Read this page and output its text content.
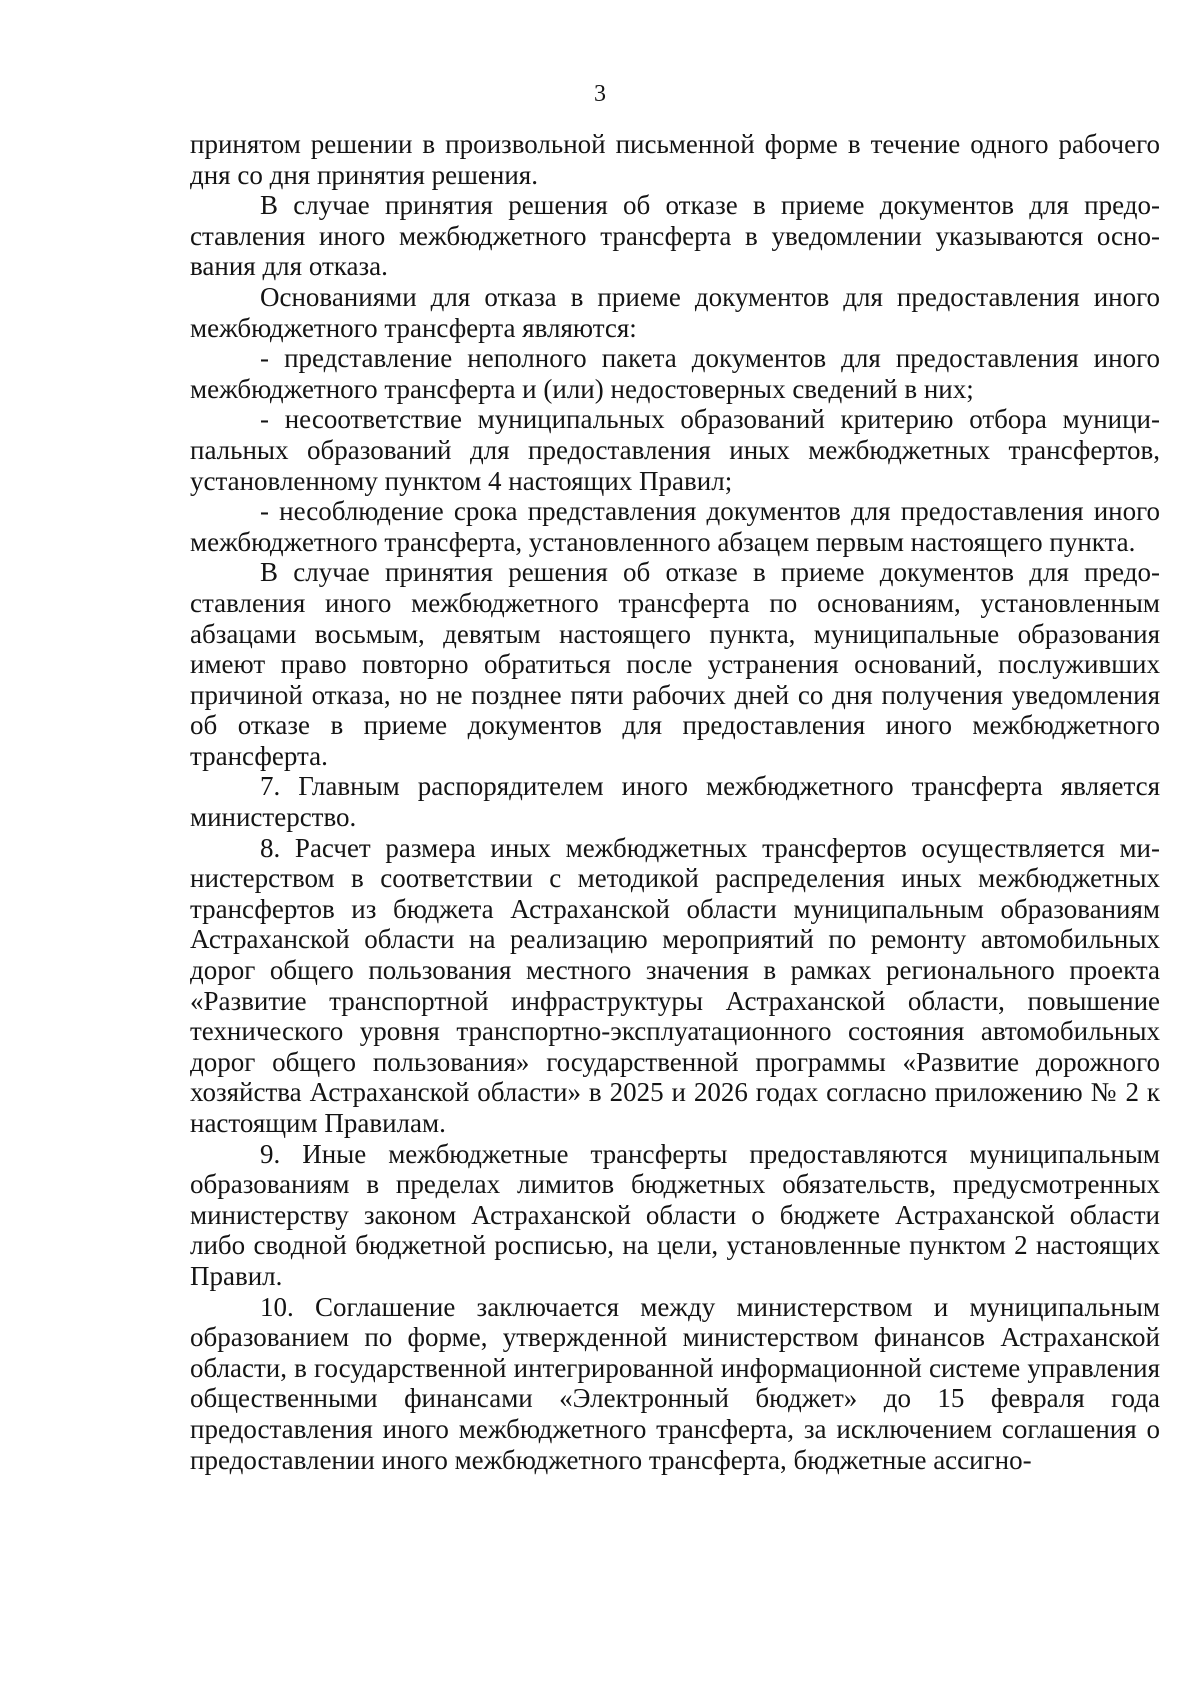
3

принятом решении в произвольной письменной форме в течение одного рабочего дня со дня принятия решения.

В случае принятия решения об отказе в приеме документов для предоставления иного межбюджетного трансферта в уведомлении указываются основания для отказа.

Основаниями для отказа в приеме документов для предоставления иного межбюджетного трансферта являются:

- представление неполного пакета документов для предоставления иного межбюджетного трансферта и (или) недостоверных сведений в них;

- несоответствие муниципальных образований критерию отбора муниципальных образований для предоставления иных межбюджетных трансфертов, установленному пунктом 4 настоящих Правил;

- несоблюдение срока представления документов для предоставления иного межбюджетного трансферта, установленного абзацем первым настоящего пункта.

В случае принятия решения об отказе в приеме документов для предоставления иного межбюджетного трансферта по основаниям, установленным абзацами восьмым, девятым настоящего пункта, муниципальные образования имеют право повторно обратиться после устранения оснований, послуживших причиной отказа, но не позднее пяти рабочих дней со дня получения уведомления об отказе в приеме документов для предоставления иного межбюджетного трансферта.

7. Главным распорядителем иного межбюджетного трансферта является министерство.

8. Расчет размера иных межбюджетных трансфертов осуществляется министерством в соответствии с методикой распределения иных межбюджетных трансфертов из бюджета Астраханской области муниципальным образованиям Астраханской области на реализацию мероприятий по ремонту автомобильных дорог общего пользования местного значения в рамках регионального проекта «Развитие транспортной инфраструктуры Астраханской области, повышение технического уровня транспортно-эксплуатационного состояния автомобильных дорог общего пользования» государственной программы «Развитие дорожного хозяйства Астраханской области» в 2025 и 2026 годах согласно приложению № 2 к настоящим Правилам.

9. Иные межбюджетные трансферты предоставляются муниципальным образованиям в пределах лимитов бюджетных обязательств, предусмотренных министерству законом Астраханской области о бюджете Астраханской области либо сводной бюджетной росписью, на цели, установленные пунктом 2 настоящих Правил.

10. Соглашение заключается между министерством и муниципальным образованием по форме, утвержденной министерством финансов Астраханской области, в государственной интегрированной информационной системе управления общественными финансами «Электронный бюджет» до 15 февраля года предоставления иного межбюджетного трансферта, за исключением соглашения о предоставлении иного межбюджетного трансферта, бюджетные ассигно-
